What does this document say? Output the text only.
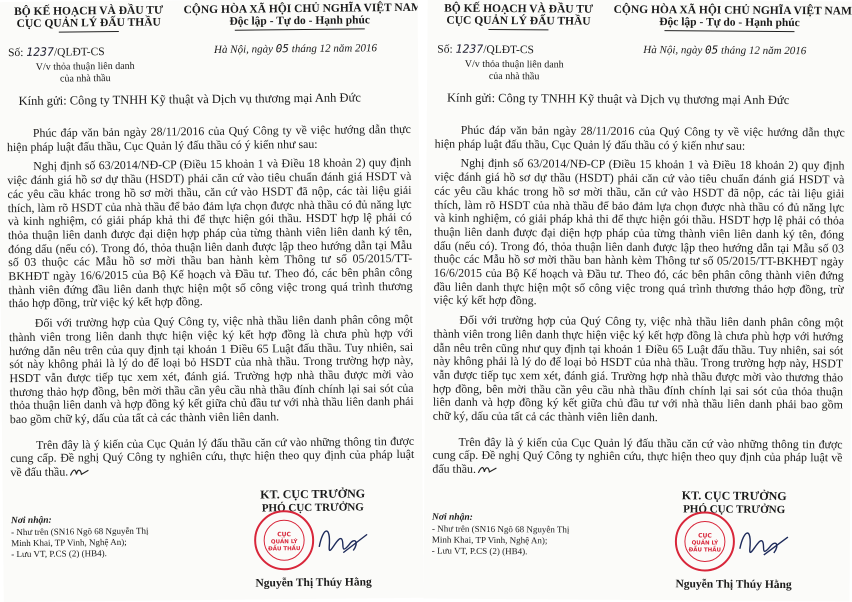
BỘ KẾ HOẠCH VÀ ĐẦU TƯ
CỤC QUẢN LÝ ĐẤU THẦU
CỘNG HÒA XÃ HỘI CHỦ NGHĨA VIỆT NAM
Độc lập - Tự do - Hạnh phúc
Số: 1237/QLĐT-CS
V/v thỏa thuận liên danh
của nhà thầu
Hà Nội, ngày 05 tháng 12 năm 2016
Kính gửi: Công ty TNHH Kỹ thuật và Dịch vụ thương mại Anh Đức

Phúc đáp văn bản ngày 28/11/2016 của Quý Công ty về việc hướng dẫn thực hiện pháp luật đấu thầu, Cục Quản lý đấu thầu có ý kiến như sau:

Nghị định số 63/2014/NĐ-CP (Điều 15 khoản 1 và Điều 18 khoản 2) quy định việc đánh giá hồ sơ dự thầu (HSDT) phải căn cứ vào tiêu chuẩn đánh giá HSDT và các yêu cầu khác trong hồ sơ mời thầu, căn cứ vào HSDT đã nộp, các tài liệu giải thích, làm rõ HSDT của nhà thầu để bảo đảm lựa chọn được nhà thầu có đủ năng lực và kinh nghiệm, có giải pháp khả thi để thực hiện gói thầu. HSDT hợp lệ phải có thỏa thuận liên danh được đại diện hợp pháp của từng thành viên liên danh ký tên, đóng dấu (nếu có). Trong đó, thỏa thuận liên danh được lập theo hướng dẫn tại Mẫu số 03 thuộc các Mẫu hồ sơ mời thầu ban hành kèm Thông tư số 05/2015/TT-BKHĐT ngày 16/6/2015 của Bộ Kế hoạch và Đầu tư. Theo đó, các bên phân công thành viên đứng đầu liên danh thực hiện một số công việc trong quá trình thương thảo hợp đồng, trừ việc ký kết hợp đồng.

Đối với trường hợp của Quý Công ty, việc nhà thầu liên danh phân công một thành viên trong liên danh thực hiện việc ký kết hợp đồng là chưa phù hợp với hướng dẫn nêu trên của quy định tại khoản 1 Điều 65 Luật đấu thầu. Tuy nhiên, sai sót này không phải là lý do để loại bỏ HSDT của nhà thầu. Trong trường hợp này, HSDT vẫn được tiếp tục xem xét, đánh giá. Trường hợp nhà thầu được mời vào thương thảo hợp đồng, bên mời thầu cần yêu cầu nhà thầu đính chính lại sai sót của thỏa thuận liên danh và hợp đồng ký kết giữa chủ đầu tư với nhà thầu liên danh phải bao gồm chữ ký, dấu của tất cả các thành viên liên danh.

Trên đây là ý kiến của Cục Quản lý đấu thầu căn cứ vào những thông tin được cung cấp. Đề nghị Quý Công ty nghiên cứu, thực hiện theo quy định của pháp luật về đấu thầu.

Nơi nhận:
- Như trên (SN16 Ngõ 68 Nguyễn Thị
Minh Khai, TP Vinh, Nghệ An);
- Lưu VT, P.CS (2) (HB4).
KT. CỤC TRƯỞNG
PHÓ CỤC TRƯỞNG
CỤC
QUẢN LÝ
ĐẤU THẦU
Nguyễn Thị Thúy Hằng
BỘ KẾ HOẠCH VÀ ĐẦU TƯ
CỤC QUẢN LÝ ĐẤU THẦU
CỘNG HÒA XÃ HỘI CHỦ NGHĨA VIỆT NAM
Độc lập - Tự do - Hạnh phúc
Số: 1237/QLĐT-CS
V/v thỏa thuận liên danh
của nhà thầu
Hà Nội, ngày 05 tháng 12 năm 2016
Kính gửi: Công ty TNHH Kỹ thuật và Dịch vụ thương mại Anh Đức

Phúc đáp văn bản ngày 28/11/2016 của Quý Công ty về việc hướng dẫn thực hiện pháp luật đấu thầu, Cục Quản lý đấu thầu có ý kiến như sau:

Nghị định số 63/2014/NĐ-CP (Điều 15 khoản 1 và Điều 18 khoản 2) quy định việc đánh giá hồ sơ dự thầu (HSDT) phải căn cứ vào tiêu chuẩn đánh giá HSDT và các yêu cầu khác trong hồ sơ mời thầu, căn cứ vào HSDT đã nộp, các tài liệu giải thích, làm rõ HSDT của nhà thầu để bảo đảm lựa chọn được nhà thầu có đủ năng lực và kinh nghiệm, có giải pháp khả thi để thực hiện gói thầu. HSDT hợp lệ phải có thỏa thuận liên danh được đại diện hợp pháp của từng thành viên liên danh ký tên, đóng dấu (nếu có). Trong đó, thỏa thuận liên danh được lập theo hướng dẫn tại Mẫu số 03 thuộc các Mẫu hồ sơ mời thầu ban hành kèm Thông tư số 05/2015/TT-BKHĐT ngày 16/6/2015 của Bộ Kế hoạch và Đầu tư. Theo đó, các bên phân công thành viên đứng đầu liên danh thực hiện một số công việc trong quá trình thương thảo hợp đồng, trừ việc ký kết hợp đồng.

Đối với trường hợp của Quý Công ty, việc nhà thầu liên danh phân công một thành viên trong liên danh thực hiện việc ký kết hợp đồng là chưa phù hợp với hướng dẫn nêu trên cũng như quy định tại khoản 1 Điều 65 Luật đấu thầu. Tuy nhiên, sai sót này không phải là lý do để loại bỏ HSDT của nhà thầu. Trong trường hợp này, HSDT vẫn được tiếp tục xem xét, đánh giá. Trường hợp nhà thầu được mời vào thương thảo hợp đồng, bên mời thầu cần yêu cầu nhà thầu đính chính lại sai sót của thỏa thuận liên danh và hợp đồng ký kết giữa chủ đầu tư với nhà thầu liên danh phải bao gồm chữ ký, dấu của tất cả các thành viên liên danh.

Trên đây là ý kiến của Cục Quản lý đấu thầu căn cứ vào những thông tin được cung cấp. Đề nghị Quý Công ty nghiên cứu, thực hiện theo quy định của pháp luật về đấu thầu.

Nơi nhận:
- Như trên (SN16 Ngõ 68 Nguyễn Thị
Minh Khai, TP Vinh, Nghệ An);
- Lưu VT, P.CS (2) (HB4).
KT. CỤC TRƯỞNG
PHÓ CỤC TRƯỞNG
CỤC
QUẢN LÝ
ĐẤU THẦU
Nguyễn Thị Thúy Hằng
